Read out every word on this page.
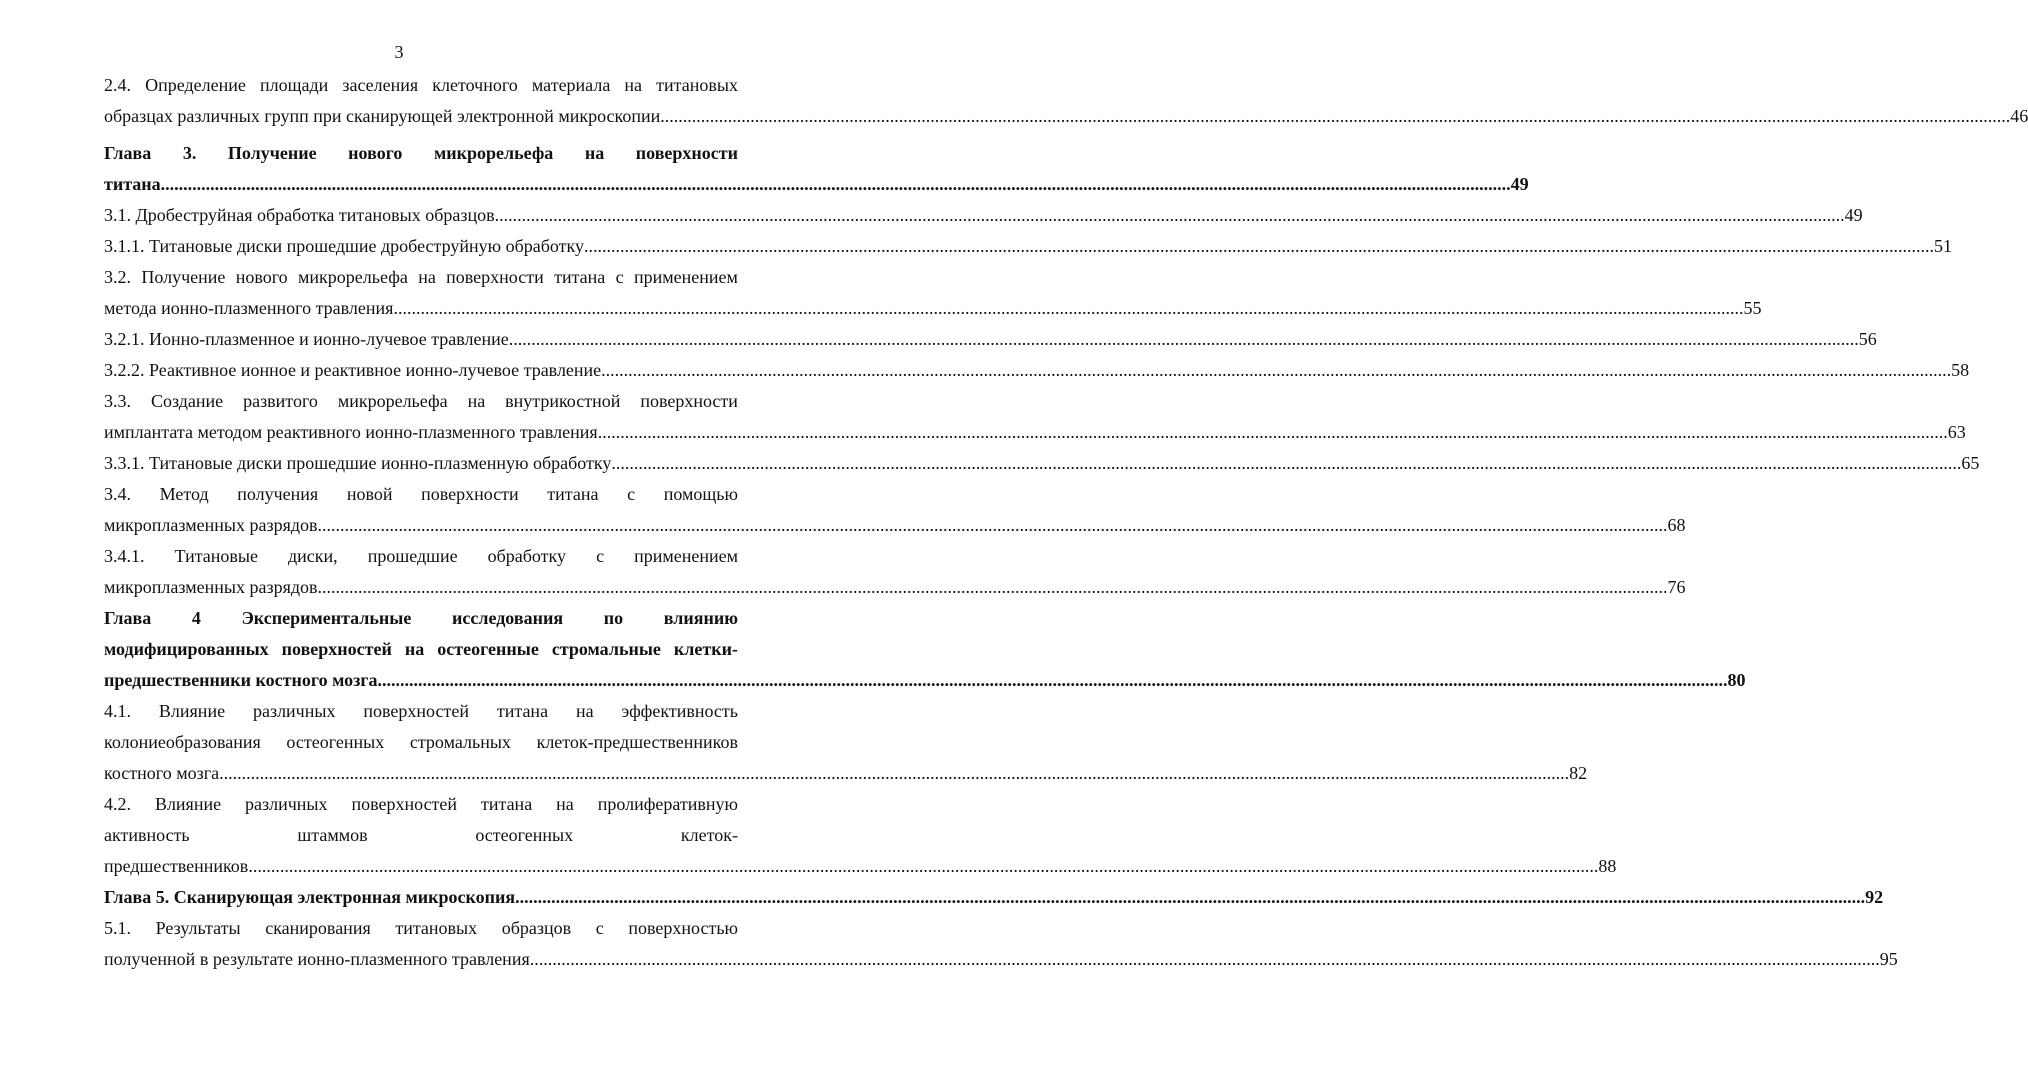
3
2.4. Определение площади заселения клеточного материала на титановых
образцах различных групп при сканирующей электронной микроскопии ............................................................................................................................................................................................................................................................................................................ 46
Глава 3. Получение нового микрорельефа на поверхности
титана ............................................................................................................................................................................................................................................................................................................ 49
3.1. Дробеструйная обработка титановых образцов ............................................................................................................................................................................................................................................................................................................ 49
3.1.1. Титановые диски прошедшие дробеструйную обработку ............................................................................................................................................................................................................................................................................................................ 51
3.2. Получение нового микрорельефа на поверхности титана с применением
метода ионно-плазменного травления ............................................................................................................................................................................................................................................................................................................ 55
3.2.1. Ионно-плазменное и ионно-лучевое травление ............................................................................................................................................................................................................................................................................................................ 56
3.2.2. Реактивное ионное и реактивное ионно-лучевое травление ............................................................................................................................................................................................................................................................................................................ 58
3.3. Создание развитого микрорельефа на внутрикостной поверхности
имплантата методом реактивного ионно-плазменного травления ............................................................................................................................................................................................................................................................................................................ 63
3.3.1. Титановые диски прошедшие ионно-плазменную обработку ............................................................................................................................................................................................................................................................................................................ 65
3.4. Метод получения новой поверхности титана с помощью
микроплазменных разрядов ............................................................................................................................................................................................................................................................................................................ 68
3.4.1. Титановые диски, прошедшие обработку с применением
микроплазменных разрядов ............................................................................................................................................................................................................................................................................................................ 76
Глава 4 Экспериментальные исследования по влиянию
модифицированных поверхностей на остеогенные стромальные клетки-
предшественники костного мозга ............................................................................................................................................................................................................................................................................................................ 80
4.1. Влияние различных поверхностей титана на эффективность
колониеобразования остеогенных стромальных клеток-предшественников
костного мозга ............................................................................................................................................................................................................................................................................................................ 82
4.2. Влияние различных поверхностей титана на пролиферативную
активность	штаммов	остеогенных	клеток-
предшественников ............................................................................................................................................................................................................................................................................................................ 88
Глава 5. Сканирующая электронная микроскопия ............................................................................................................................................................................................................................................................................................................ 92
5.1. Результаты сканирования титановых образцов с поверхностью
полученной в результате ионно-плазменного травления ............................................................................................................................................................................................................................................................................................................ 95
